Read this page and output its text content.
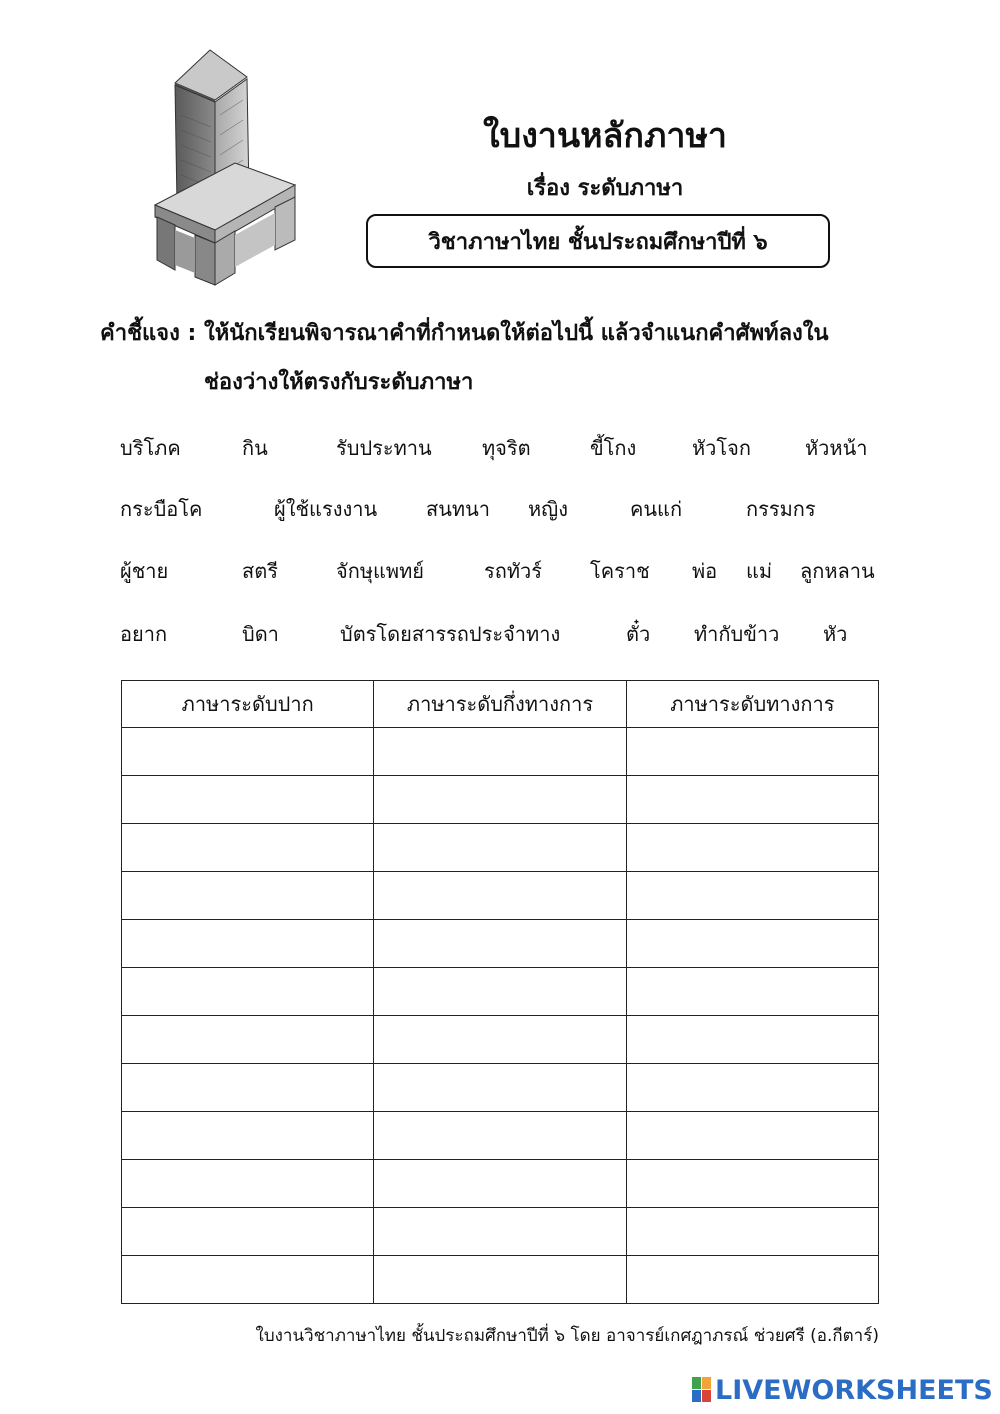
ใบงานหลักภาษา
เรื่อง ระดับภาษา
วิชาภาษาไทย ชั้นประถมศึกษาปีที่ ๖
คำชี้แจง : ให้นักเรียนพิจารณาคำที่กำหนดให้ต่อไปนี้ แล้วจำแนกคำศัพท์ลงใน
ช่องว่างให้ตรงกับระดับภาษา
บริโภค	กิน	รับประทาน	ทุจริต	ขี้โกง	หัวโจก	หัวหน้า
กระบือโค	ผู้ใช้แรงงาน สนทนา หญิง	คนแก่	กรรมกร
ผู้ชาย	สตรี	จักษุแพทย์	รถทัวร์ โคราช พ่อ แม่ ลูกหลาน
อยาก	บิดา	บัตรโดยสารรถประจำทาง	ตั๋ว ทำกับข้าว หัว
ภาษาระดับปาก	ภาษาระดับกึ่งทางการ	ภาษาระดับทางการ

ใบงานวิชาภาษาไทย ชั้นประถมศึกษาปีที่ ๖ โดย อาจารย์เกศฎาภรณ์ ช่วยศรี (อ.กีตาร์)
LIVEWORKSHEETS
